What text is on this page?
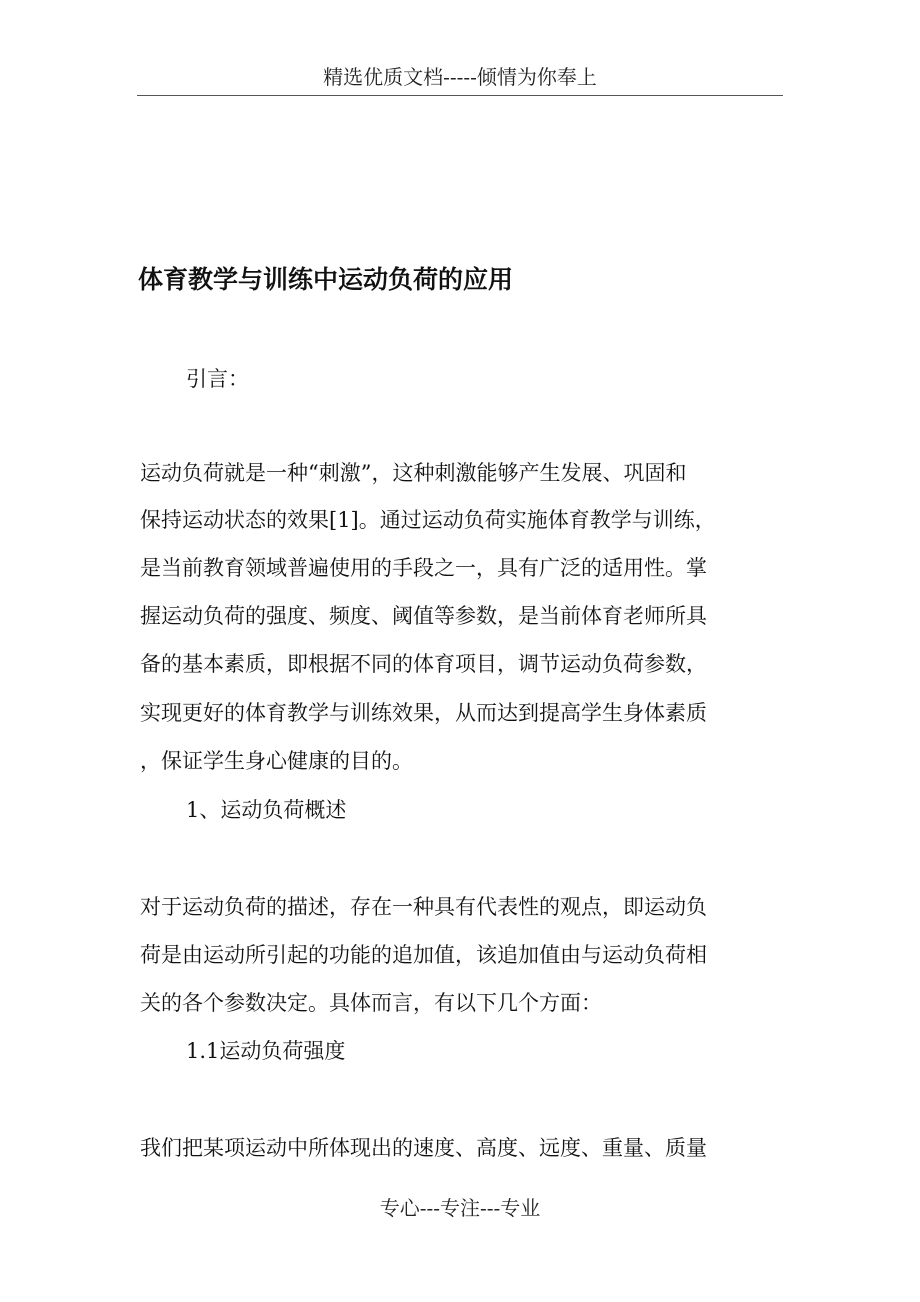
精选优质文档-----倾情为你奉上
体育教学与训练中运动负荷的应用
引言：
运动负荷就是一种“刺激”，这种刺激能够产生发展、巩固和
保持运动状态的效果[1]。通过运动负荷实施体育教学与训练，
是当前教育领域普遍使用的手段之一，具有广泛的适用性。掌
握运动负荷的强度、频度、阈值等参数，是当前体育老师所具
备的基本素质，即根据不同的体育项目，调节运动负荷参数，
实现更好的体育教学与训练效果，从而达到提高学生身体素质
，保证学生身心健康的目的。
1、运动负荷概述
对于运动负荷的描述，存在一种具有代表性的观点，即运动负
荷是由运动所引起的功能的追加值，该追加值由与运动负荷相
关的各个参数决定。具体而言，有以下几个方面：
1.1运动负荷强度
我们把某项运动中所体现出的速度、高度、远度、重量、质量
专心---专注---专业
